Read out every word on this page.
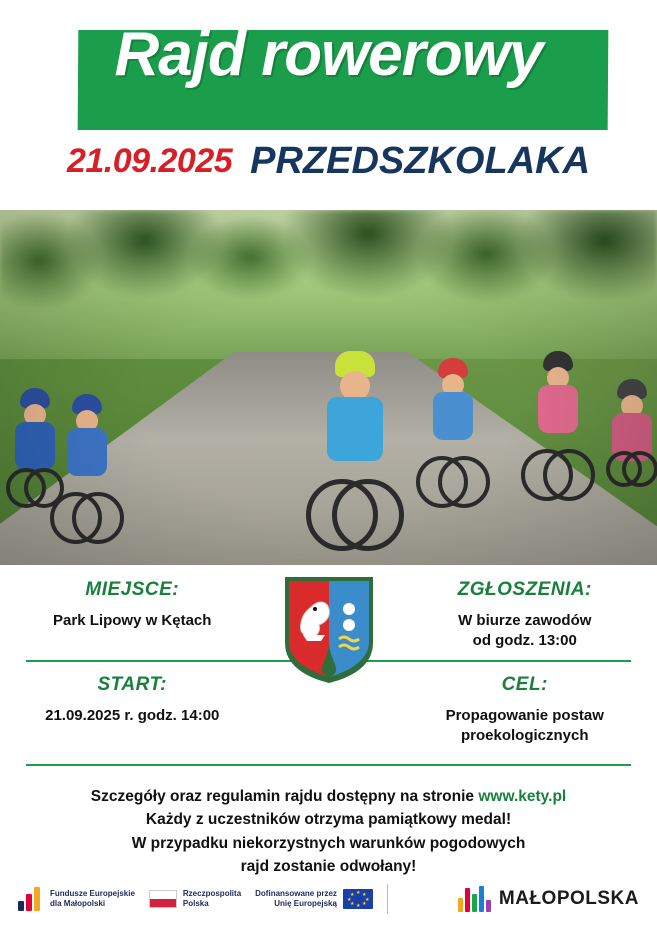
Rajd rowerowy
21.09.2025 PRZEDSZKOLAKA
MIEJSCE:
Park Lipowy w Kętach
ZGŁOSZENIA:
W biurze zawodów
od godz. 13:00
START:
21.09.2025 r. godz. 14:00
CEL:
Propagowanie postaw
proekologicznych
Szczegóły oraz regulamin rajdu dostępny na stronie www.kety.pl
Każdy z uczestników otrzyma pamiątkowy medal!
W przypadku niekorzystnych warunków pogodowych
rajd zostanie odwołany!
Fundusze Europejskie
dla Małopolski
Rzeczpospolita
Polska
Dofinansowane przez
Unię Europejską
★ ★
★
★
★
★
★
★	MAŁOPOLSKA
